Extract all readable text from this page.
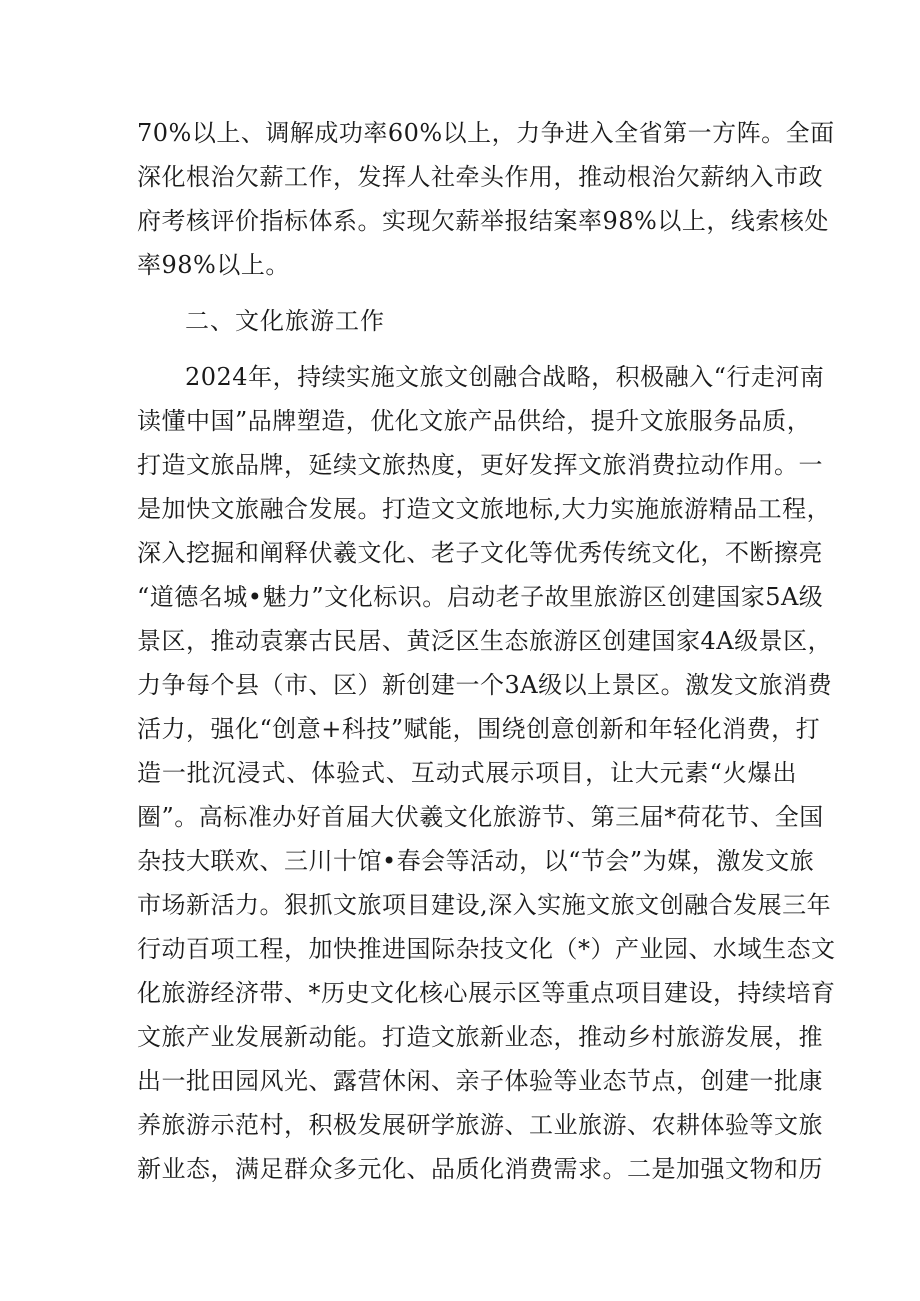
70%以上、调解成功率60%以上，力争进入全省第一方阵。全面
深化根治欠薪工作，发挥人社牵头作用，推动根治欠薪纳入市政
府考核评价指标体系。实现欠薪举报结案率98%以上，线索核处
率98%以上。
二、文化旅游工作
2024年，持续实施文旅文创融合战略，积极融入“行走河南
读懂中国”品牌塑造，优化文旅产品供给，提升文旅服务品质，
打造文旅品牌，延续文旅热度，更好发挥文旅消费拉动作用。一
是加快文旅融合发展。打造文文旅地标,大力实施旅游精品工程，
深入挖掘和阐释伏羲文化、老子文化等优秀传统文化，不断擦亮
“道德名城•魅力”文化标识。启动老子故里旅游区创建国家5A级
景区，推动袁寨古民居、黄泛区生态旅游区创建国家4A级景区，
力争每个县（市、区）新创建一个3A级以上景区。激发文旅消费
活力，强化“创意+科技”赋能，围绕创意创新和年轻化消费，打
造一批沉浸式、体验式、互动式展示项目，让大元素“火爆出
圈”。高标准办好首届大伏羲文化旅游节、第三届*荷花节、全国
杂技大联欢、三川十馆•春会等活动，以“节会”为媒，激发文旅
市场新活力。狠抓文旅项目建设,深入实施文旅文创融合发展三年
行动百项工程，加快推进国际杂技文化（*）产业园、水域生态文
化旅游经济带、*历史文化核心展示区等重点项目建设，持续培育
文旅产业发展新动能。打造文旅新业态，推动乡村旅游发展，推
出一批田园风光、露营休闲、亲子体验等业态节点，创建一批康
养旅游示范村，积极发展研学旅游、工业旅游、农耕体验等文旅
新业态，满足群众多元化、品质化消费需求。二是加强文物和历
